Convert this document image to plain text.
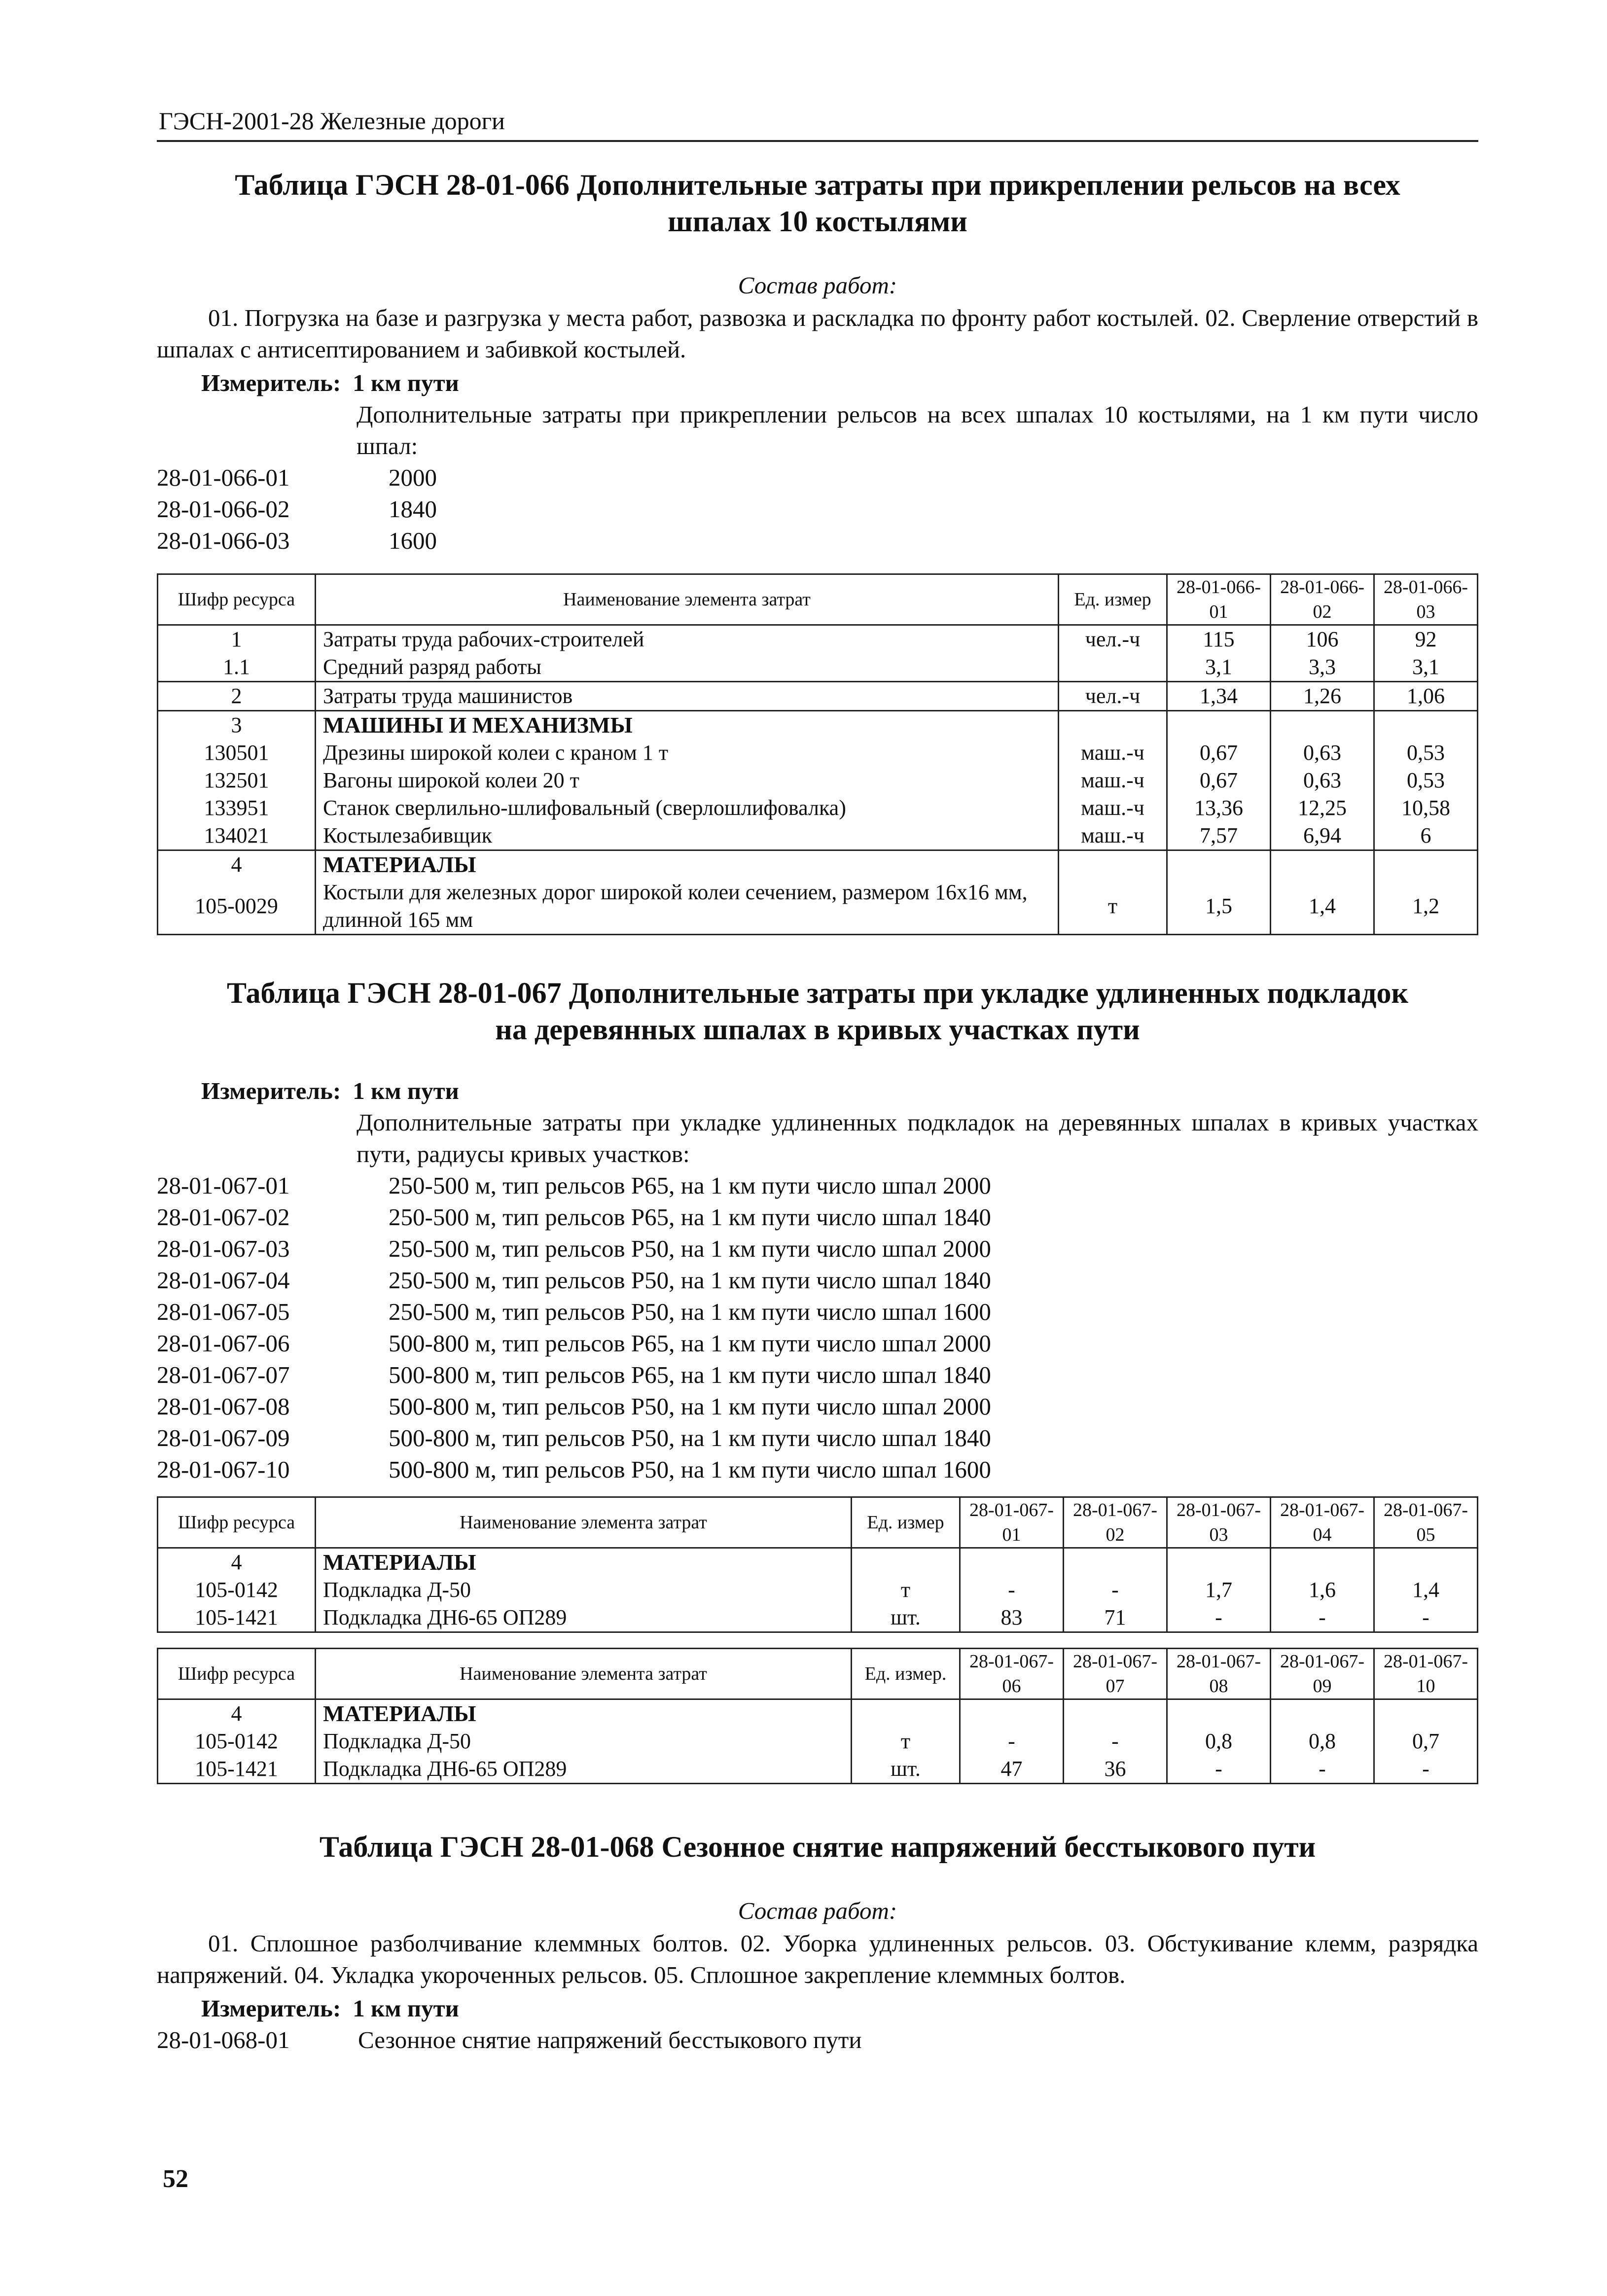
ГЭСН-2001-28 Железные дороги
Таблица ГЭСН 28-01-066 Дополнительные затраты при прикреплении рельсов на всех
шпалах 10 костылями
Состав работ:
01. Погрузка на базе и разгрузка у места работ, развозка и раскладка по фронту работ костылей. 02. Сверление отверстий в шпалах с антисептированием и забивкой костылей.
Измеритель: 1 км пути
Дополнительные затраты при прикреплении рельсов на всех шпалах 10 костылями, на 1 км пути число шпал:
28-01-066-01	2000
28-01-066-02	1840
28-01-066-03	1600
Шифр ресурса	Наименование элемента затрат	Ед. измер	28-01-066-01	28-01-066-02	28-01-066-03
1	Затраты труда рабочих-строителей	чел.-ч	115	106	92
1.1	Средний разряд работы		3,1	3,3	3,1
2	Затраты труда машинистов	чел.-ч	1,34	1,26	1,06
3	МАШИНЫ И МЕХАНИЗМЫ				
130501	Дрезины широкой колеи с краном 1 т	маш.-ч	0,67	0,63	0,53
132501	Вагоны широкой колеи 20 т	маш.-ч	0,67	0,63	0,53
133951	Станок сверлильно-шлифовальный (сверлошлифовалка)	маш.-ч	13,36	12,25	10,58
134021	Костылезабивщик	маш.-ч	7,57	6,94	6
4	МАТЕРИАЛЫ				
105-0029	Костыли для железных дорог широкой колеи сечением, размером 16х16 мм, длинной 165 мм	т	1,5	1,4	1,2
Таблица ГЭСН 28-01-067 Дополнительные затраты при укладке удлиненных подкладок
на деревянных шпалах в кривых участках пути
Измеритель: 1 км пути
Дополнительные затраты при укладке удлиненных подкладок на деревянных шпалах в кривых участках пути, радиусы кривых участков:
28-01-067-01	250-500 м, тип рельсов Р65, на 1 км пути число шпал 2000
28-01-067-02	250-500 м, тип рельсов Р65, на 1 км пути число шпал 1840
28-01-067-03	250-500 м, тип рельсов Р50, на 1 км пути число шпал 2000
28-01-067-04	250-500 м, тип рельсов Р50, на 1 км пути число шпал 1840
28-01-067-05	250-500 м, тип рельсов Р50, на 1 км пути число шпал 1600
28-01-067-06	500-800 м, тип рельсов Р65, на 1 км пути число шпал 2000
28-01-067-07	500-800 м, тип рельсов Р65, на 1 км пути число шпал 1840
28-01-067-08	500-800 м, тип рельсов Р50, на 1 км пути число шпал 2000
28-01-067-09	500-800 м, тип рельсов Р50, на 1 км пути число шпал 1840
28-01-067-10	500-800 м, тип рельсов Р50, на 1 км пути число шпал 1600
Шифр ресурса	Наименование элемента затрат	Ед. измер	28-01-067-01	28-01-067-02	28-01-067-03	28-01-067-04	28-01-067-05
4	МАТЕРИАЛЫ						
105-0142	Подкладка Д-50	т	-	-	1,7	1,6	1,4
105-1421	Подкладка ДН6-65 ОП289	шт.	83	71	-	-	-
Шифр ресурса	Наименование элемента затрат	Ед. измер.	28-01-067-06	28-01-067-07	28-01-067-08	28-01-067-09	28-01-067-10
4	МАТЕРИАЛЫ						
105-0142	Подкладка Д-50	т	-	-	0,8	0,8	0,7
105-1421	Подкладка ДН6-65 ОП289	шт.	47	36	-	-	-
Таблица ГЭСН 28-01-068 Сезонное снятие напряжений бесстыкового пути
Состав работ:
01. Сплошное разболчивание клеммных болтов. 02. Уборка удлиненных рельсов. 03. Обстукивание клемм, разрядка напряжений. 04. Укладка укороченных рельсов. 05. Сплошное закрепление клеммных болтов.
Измеритель: 1 км пути
28-01-068-01	Сезонное снятие напряжений бесстыкового пути
52
